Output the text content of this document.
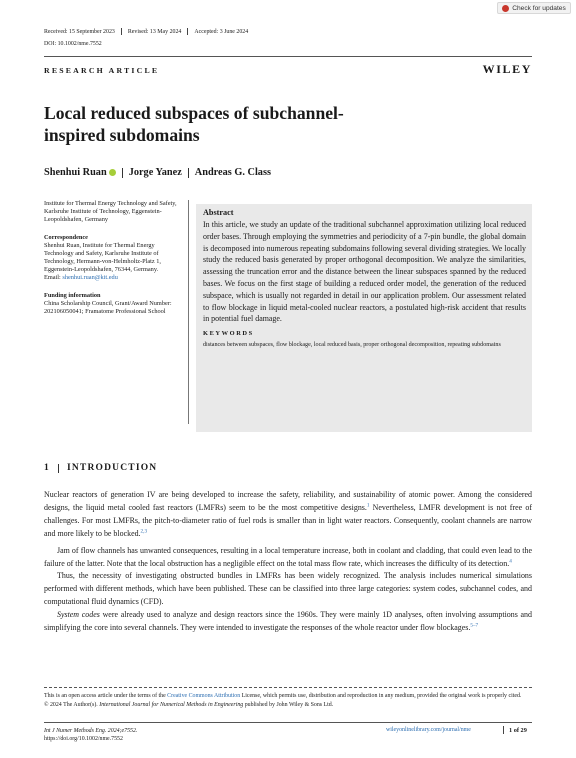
Received: 15 September 2023 Revised: 13 May 2024 Accepted: 3 June 2024
DOI: 10.1002/nme.7552
Check for updates
RESEARCH ARTICLE	WILEY
Local reduced subspaces of subchannel-inspired subdomains
Shenhui Ruan Jorge Yanez Andreas G. Class
Institute for Thermal Energy Technology and Safety, Karlsruhe Institute of Technology, Eggenstein-Leopoldshafen, Germany
Correspondence
Shenhui Ruan, Institute for Thermal Energy Technology and Safety, Karlsruhe Institute of Technology, Hermann-von-Helmholtz-Platz 1, Eggenstein-Leopoldshafen, 76344, Germany.
Email: shenhui.ruan@kit.edu
Funding information
China Scholarship Council, Grant/Award Number: 202106050041; Framatome Professional School
Abstract

In this article, we study an update of the traditional subchannel approximation utilizing local reduced order bases. Through employing the symmetries and periodicity of a 7-pin bundle, the global domain is decomposed into numerous repeating subdomains following several dividing strategies. We locally study the reduced basis generated by proper orthogonal decomposition. We analyze the similarities, assessing the truncation error and the distance between the linear subspaces spanned by the reduced bases. We focus on the first stage of building a reduced order model, the generation of the reduced subspace, which is usually not regarded in detail in our application problem. Our assessment related to flow blockage in liquid metal-cooled nuclear reactors, a postulated high-risk accident that results in potential fuel damage.

KEYWORDS
distances between subspaces, flow blockage, local reduced basis, proper orthogonal decomposition, repeating subdomains
1 INTRODUCTION

Nuclear reactors of generation IV are being developed to increase the safety, reliability, and sustainability of atomic power. Among the considered designs, the liquid metal cooled fast reactors (LMFRs) seem to be the most competitive designs.$^1$ Nevertheless, LMFR development is not free of challenges. For most LMFRs, the pitch-to-diameter ratio of fuel rods is smaller than in light water reactors. Consequently, coolant channels are narrow and more likely to be blocked.$^{2,3}$

Jam of flow channels has unwanted consequences, resulting in a local temperature increase, both in coolant and cladding, that could even lead to the failure of the latter. Note that the local obstruction has a negligible effect on the total mass flow rate, which increases the difficulty of its detection.$^4$

Thus, the necessity of investigating obstructed bundles in LMFRs has been widely recognized. The analysis includes numerical simulations performed with different methods, which have been published. These can be classified into three large categories: system codes, subchannel codes, and computational fluid dynamics (CFD).

System codes were already used to analyze and design reactors since the 1960s. They were mainly 1D analyses, often involving assumptions and simplifying the core into several channels. They were intended to investigate the responses of the whole reactor under flow blockages.$^{5-7}$

This is an open access article under the terms of the Creative Commons Attribution License, which permits use, distribution and reproduction in any medium, provided the original work is properly cited.
© 2024 The Author(s). International Journal for Numerical Methods in Engineering published by John Wiley & Sons Ltd.
Int J Numer Methods Eng. 2024;e7552.
https://doi.org/10.1002/nme.7552
wileyonlinelibrary.com/journal/nme	1 of 29
